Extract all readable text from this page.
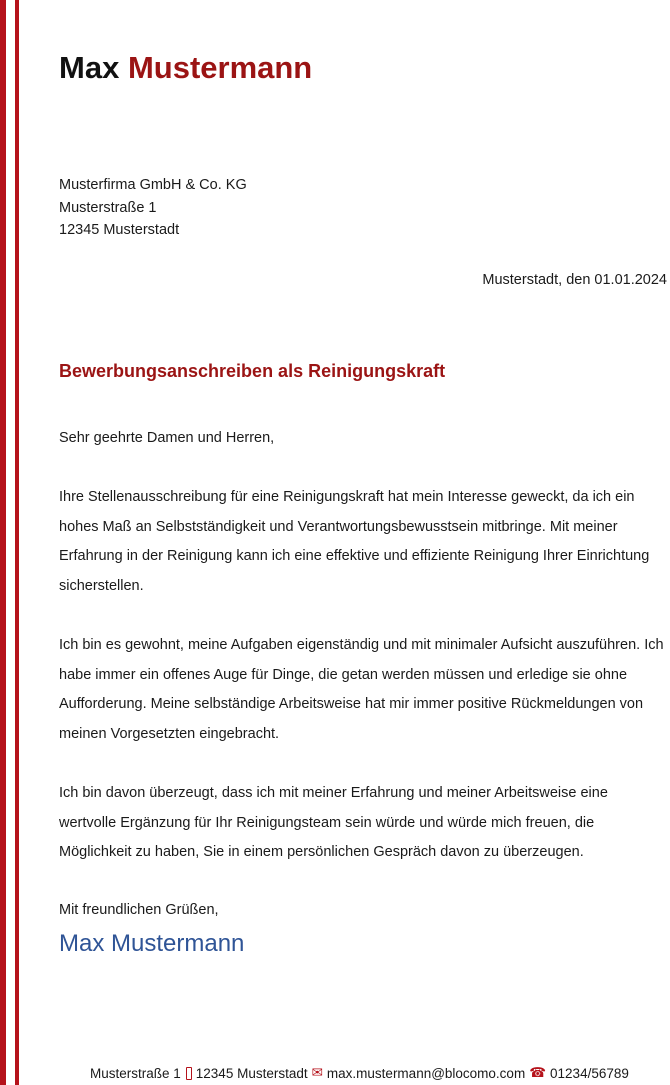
Max Mustermann
Musterfirma GmbH & Co. KG
Musterstraße 1
12345 Musterstadt
Musterstadt, den 01.01.2024
Bewerbungsanschreiben als Reinigungskraft
Sehr geehrte Damen und Herren,

Ihre Stellenausschreibung für eine Reinigungskraft hat mein Interesse geweckt, da ich ein hohes Maß an Selbstständigkeit und Verantwortungsbewusstsein mitbringe. Mit meiner Erfahrung in der Reinigung kann ich eine effektive und effiziente Reinigung Ihrer Einrichtung sicherstellen.

Ich bin es gewohnt, meine Aufgaben eigenständig und mit minimaler Aufsicht auszuführen. Ich habe immer ein offenes Auge für Dinge, die getan werden müssen und erledige sie ohne Aufforderung. Meine selbständige Arbeitsweise hat mir immer positive Rückmeldungen von meinen Vorgesetzten eingebracht.

Ich bin davon überzeugt, dass ich mit meiner Erfahrung und meiner Arbeitsweise eine wertvolle Ergänzung für Ihr Reinigungsteam sein würde und würde mich freuen, die Möglichkeit zu haben, Sie in einem persönlichen Gespräch davon zu überzeugen.

Mit freundlichen Grüßen,
Max Mustermann
Musterstraße 1 12345 Musterstadt ✉ max.mustermann@blocomo.com ☎ 01234/56789
